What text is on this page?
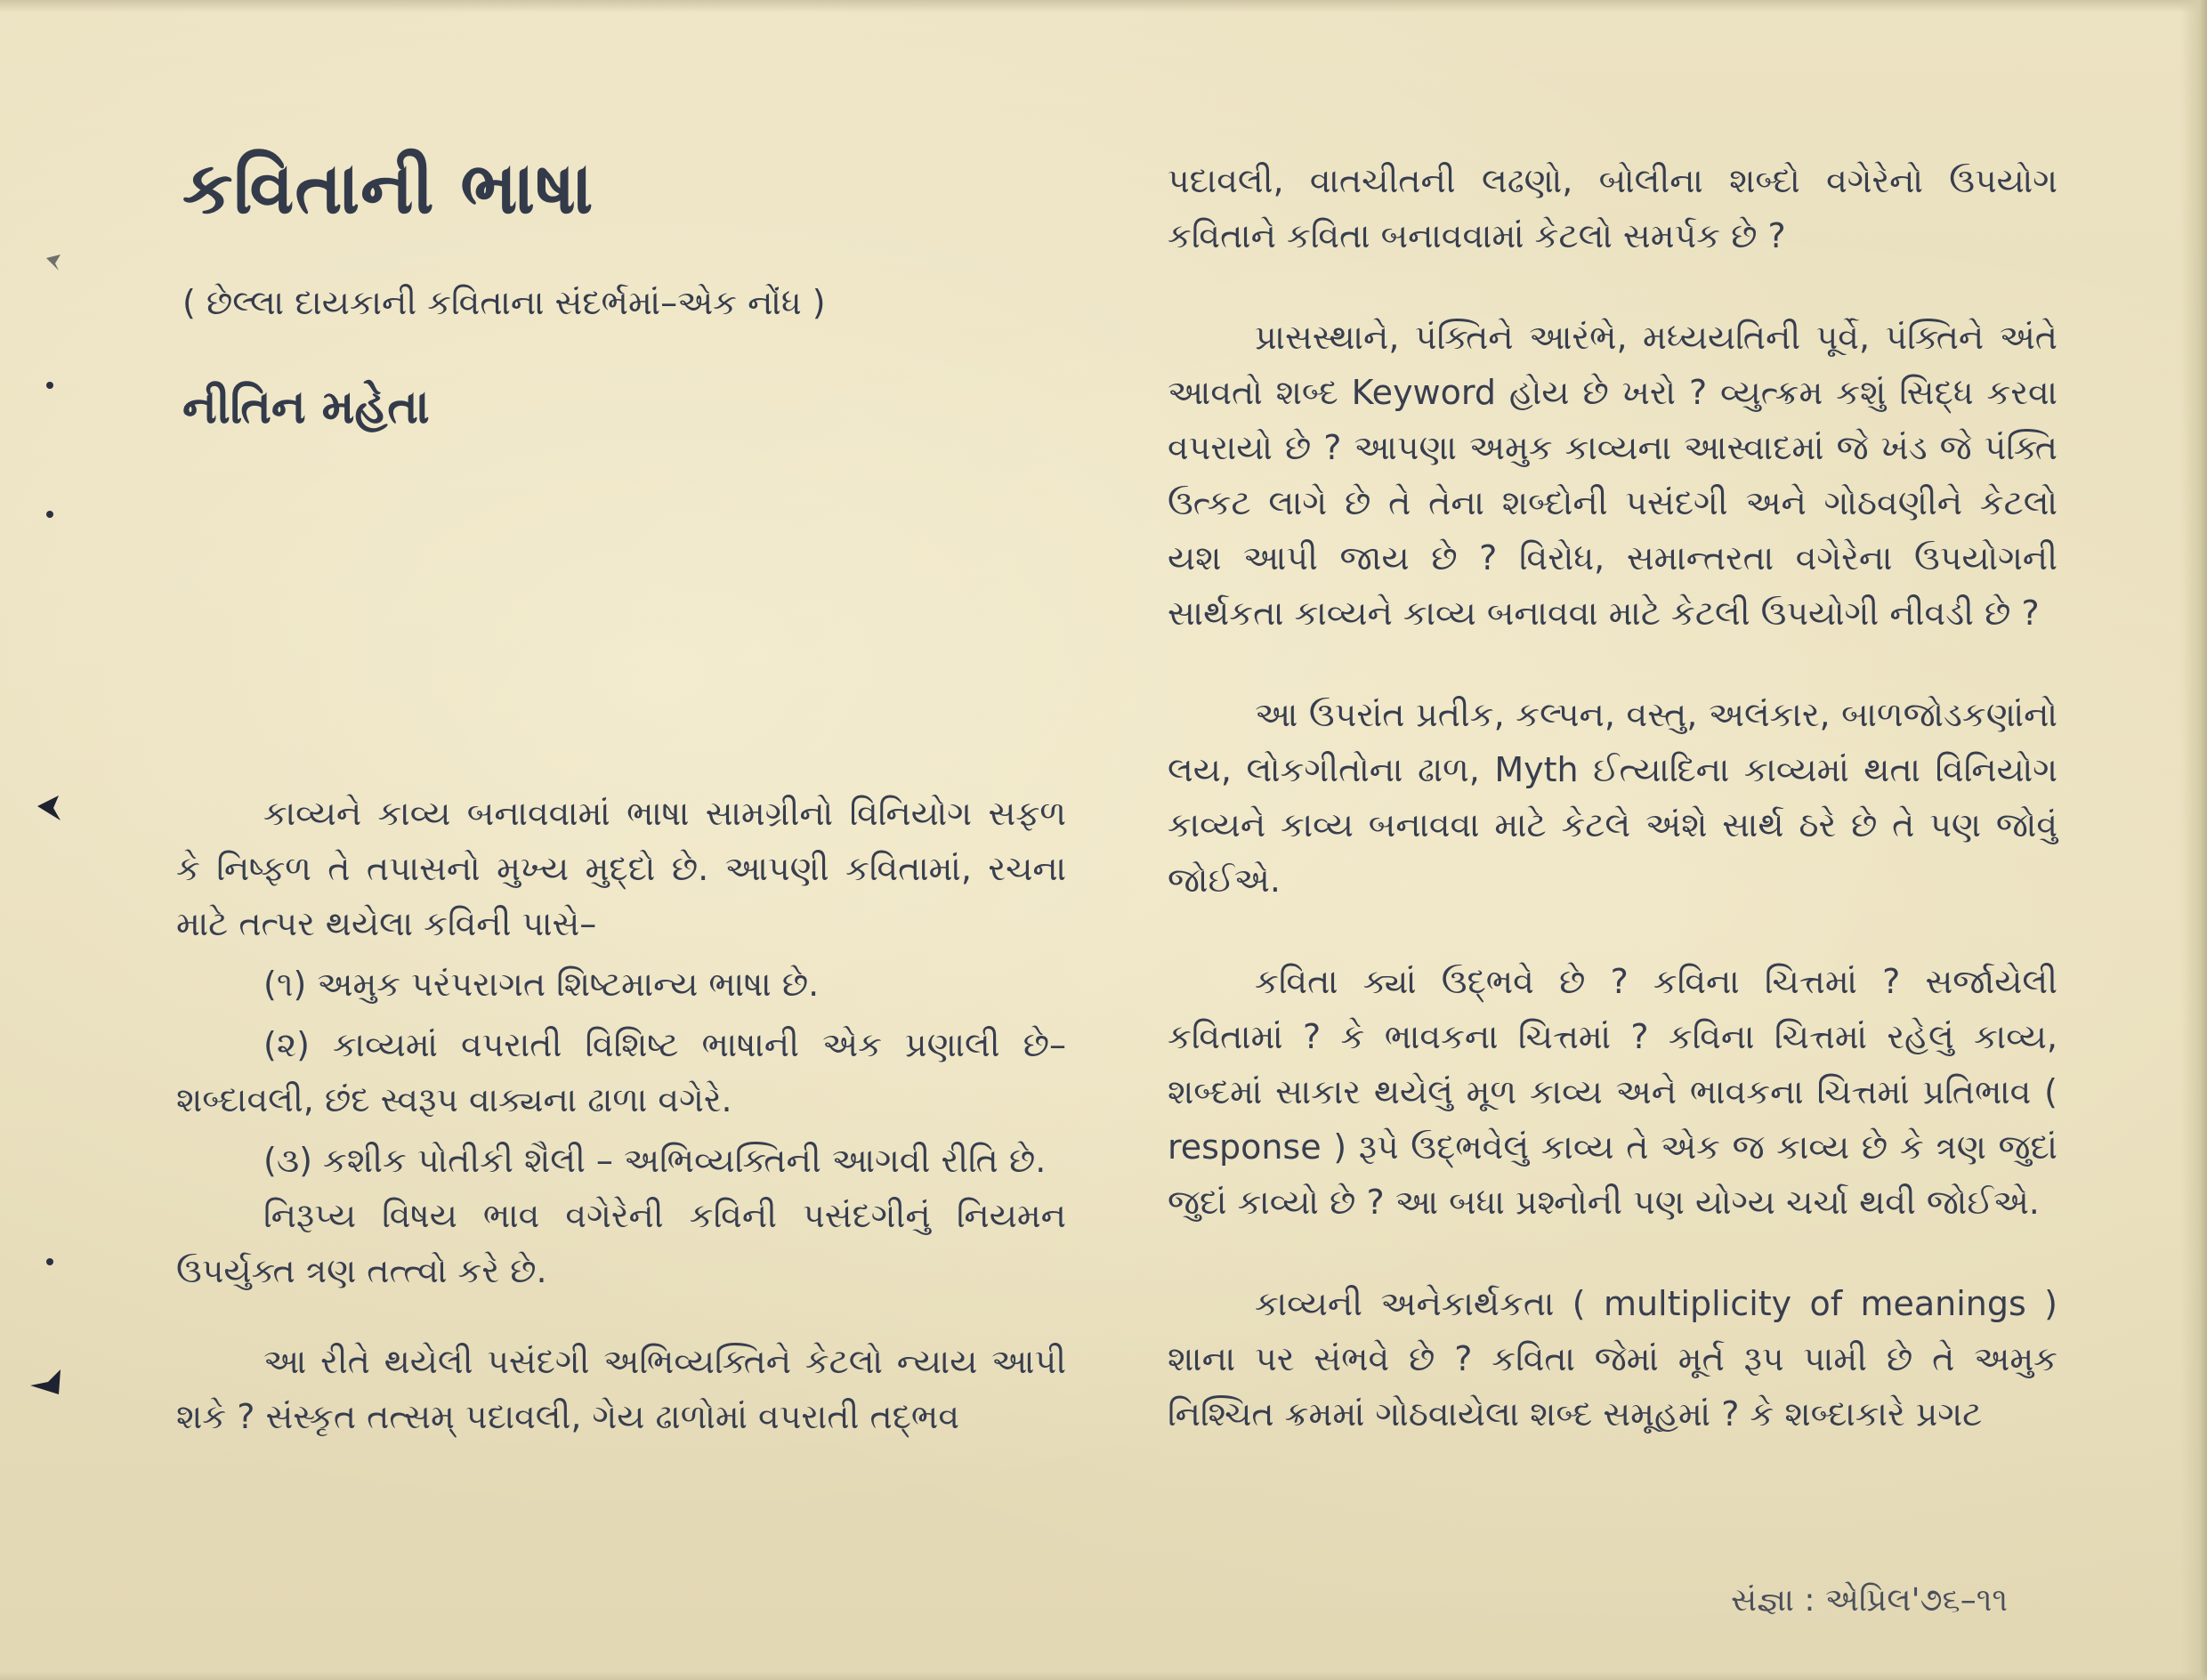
કવિતાની ભાષા
( છેલ્લા દાયકાની કવિતાના સંદર્ભમાં–એક નોંધ )
નીતિન મહેતા

કાવ્યને કાવ્ય બનાવવામાં ભાષા સામગ્રીનો વિનિયોગ સફળ કે નિષ્ફળ તે તપાસનો મુખ્ય મુદ્દો છે. આપણી કવિતામાં, રચના માટે તત્પર થયેલા કવિની પાસે–

(૧) અમુક પરંપરાગત શિષ્ટમાન્ય ભાષા છે.

(૨) કાવ્યમાં વપરાતી વિશિષ્ટ ભાષાની એક પ્રણાલી છે– શબ્દાવલી, છંદ સ્વરૂપ વાક્યના ઢાળા વગેરે.

(૩) કશીક પોતીકી શૈલી – અભિવ્યક્તિની આગવી રીતિ છે.

નિરૂપ્ય વિષય ભાવ વગેરેની કવિની પસંદગીનું નિયમન ઉપર્યુક્ત ત્રણ તત્ત્વો કરે છે.

આ રીતે થયેલી પસંદગી અભિવ્યક્તિને કેટલો ન્યાય આપી શકે ? સંસ્કૃત તત્સમ્ પદાવલી, ગેય ઢાળોમાં વપરાતી તદ્ભવ

પદાવલી, વાતચીતની લઢણો, બોલીના શબ્દો વગેરેનો ઉપયોગ કવિતાને કવિતા બનાવવામાં કેટલો સમર્પક છે ?

પ્રાસસ્થાને, પંક્તિને આરંભે, મધ્યયતિની પૂર્વે, પંક્તિને અંતે આવતો શબ્દ Keyword હોય છે ખરો ? વ્યુત્ક્રમ કશું સિદ્ધ કરવા વપરાયો છે ? આપણા અમુક કાવ્યના આસ્વાદમાં જે ખંડ જે પંક્તિ ઉત્કટ લાગે છે તે તેના શબ્દોની પસંદગી અને ગોઠવણીને કેટલો યશ આપી જાય છે ? વિરોધ, સમાન્તરતા વગેરેના ઉપયોગની સાર્થકતા કાવ્યને કાવ્ય બનાવવા માટે કેટલી ઉપયોગી નીવડી છે ?

આ ઉપરાંત પ્રતીક, કલ્પન, વસ્તુ, અલંકાર, બાળજોડકણાંનો લય, લોકગીતોના ઢાળ, Myth ઈત્યાદિના કાવ્યમાં થતા વિનિયોગ કાવ્યને કાવ્ય બનાવવા માટે કેટલે અંશે સાર્થ ઠરે છે તે પણ જોવું જોઈએ.

કવિતા ક્યાં ઉદ્ભવે છે ? કવિના ચિત્તમાં ? સર્જાયેલી કવિતામાં ? કે ભાવકના ચિત્તમાં ? કવિના ચિત્તમાં રહેલું કાવ્ય, શબ્દમાં સાકાર થયેલું મૂળ કાવ્ય અને ભાવકના ચિત્તમાં પ્રતિભાવ ( response ) રૂપે ઉદ્ભવેલું કાવ્ય તે એક જ કાવ્ય છે કે ત્રણ જુદાં જુદાં કાવ્યો છે ? આ બધા પ્રશ્નોની પણ યોગ્ય ચર્ચા થવી જોઈએ.

કાવ્યની અનેકાર્થકતા ( multiplicity of meanings ) શાના પર સંભવે છે ? કવિતા જેમાં મૂર્ત રૂપ પામી છે તે અમુક નિશ્ચિત ક્રમમાં ગોઠવાયેલા શબ્દ સમૂહમાં ? કે શબ્દાકારે પ્રગટ

સંજ્ઞા : એપ્રિલ'૭૬–૧૧
